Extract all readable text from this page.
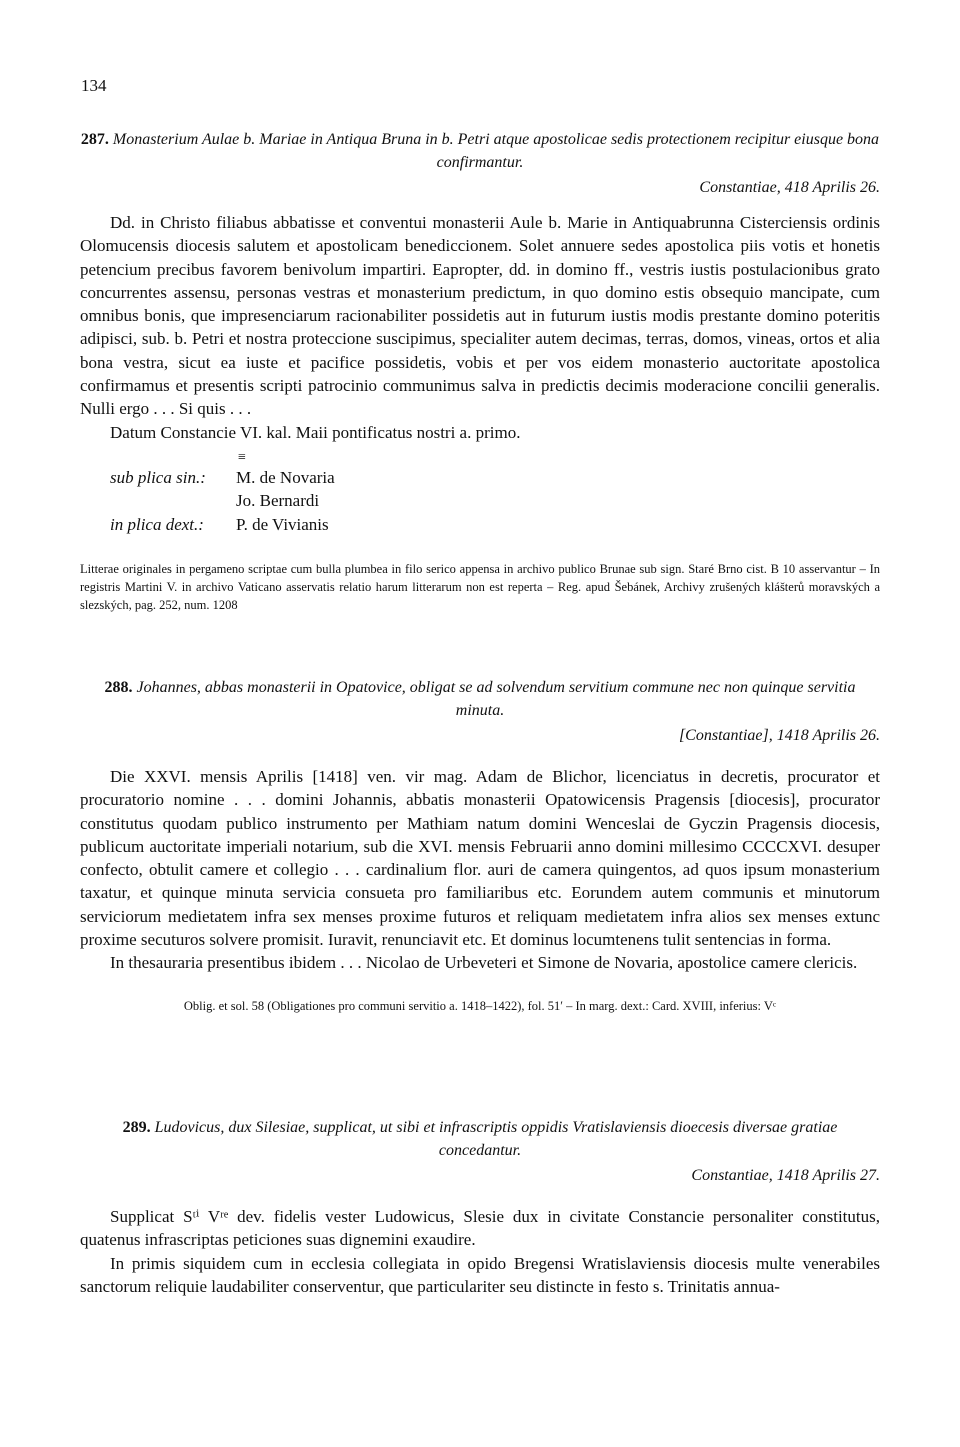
134
287. Monasterium Aulae b. Mariae in Antiqua Bruna in b. Petri atque apostolicae sedis protectionem recipitur eiusque bona confirmantur.
Constantiae, 418 Aprilis 26.

Dd. in Christo filiabus abbatisse et conventui monasterii Aule b. Marie in Antiquabrunna Cisterciensis ordinis Olomucensis diocesis salutem et apostolicam benediccionem. Solet annuere sedes apostolica piis votis et honetis petencium precibus favorem benivolum impartiri. Eapropter, dd. in domino ff., vestris iustis postulacionibus grato concurrentes assensu, personas vestras et monasterium predictum, in quo domino estis obsequio mancipate, cum omnibus bonis, que impresenciarum racionabiliter possidetis aut in futurum iustis modis prestante domino poteritis adipisci, sub. b. Petri et nostra proteccione suscipimus, specialiter autem decimas, terras, domos, vineas, ortos et alia bona vestra, sicut ea iuste et pacifice possidetis, vobis et per vos eidem monasterio auctoritate apostolica confirmamus et presentis scripti patrocinio communimus salva in predictis decimis moderacione concilii generalis. Nulli ergo . . . Si quis . . .

Datum Constancie VI. kal. Maii pontificatus nostri a. primo.

≡
sub plica sin.:	M. de Novaria
Jo. Bernardi
in plica dext.:	P. de Vivianis
Litterae originales in pergameno scriptae cum bulla plumbea in filo serico appensa in archivo publico Brunae sub sign. Staré Brno cist. B 10 asservantur – In registris Martini V. in archivo Vaticano asservatis relatio harum litterarum non est reperta – Reg. apud Šebánek, Archivy zrušených klášterů moravských a slezských, pag. 252, num. 1208
288. Johannes, abbas monasterii in Opatovice, obligat se ad solvendum servitium commune nec non quinque servitia minuta.
[Constantiae], 1418 Aprilis 26.

Die XXVI. mensis Aprilis [1418] ven. vir mag. Adam de Blichor, licenciatus in decretis, procurator et procuratorio nomine . . . domini Johannis, abbatis monasterii Opatowicensis Pragensis [diocesis], procurator constitutus quodam publico instrumento per Mathiam natum domini Wenceslai de Gyczin Pragensis diocesis, publicum auctoritate imperiali notarium, sub die XVI. mensis Februarii anno domini millesimo CCCCXVI. desuper confecto, obtulit camere et collegio . . . cardinalium flor. auri de camera quingentos, ad quos ipsum monasterium taxatur, et quinque minuta servicia consueta pro familiaribus etc. Eorundem autem communis et minutorum serviciorum medietatem infra sex menses proxime futuros et reliquam medietatem infra alios sex menses extunc proxime secuturos solvere promisit. Iuravit, renunciavit etc. Et dominus locumtenens tulit sentencias in forma.

In thesauraria presentibus ibidem . . . Nicolao de Urbeveteri et Simone de Novaria, apostolice camere clericis.

Oblig. et sol. 58 (Obligationes pro communi servitio a. 1418–1422), fol. 51′ – In marg. dext.: Card. XVIII, inferius: Vᶜ
289. Ludovicus, dux Silesiae, supplicat, ut sibi et infrascriptis oppidis Vratislaviensis dioecesis diversae gratiae concedantur.
Constantiae, 1418 Aprilis 27.

Supplicat Sᵗⁱ Vʳᵉ dev. fidelis vester Ludowicus, Slesie dux in civitate Constancie personaliter constitutus, quatenus infrascriptas peticiones suas dignemini exaudire.

In primis siquidem cum in ecclesia collegiata in opido Bregensi Wratislaviensis diocesis multe venerabiles sanctorum reliquie laudabiliter conserventur, que particulariter seu distincte in festo s. Trinitatis annua-
